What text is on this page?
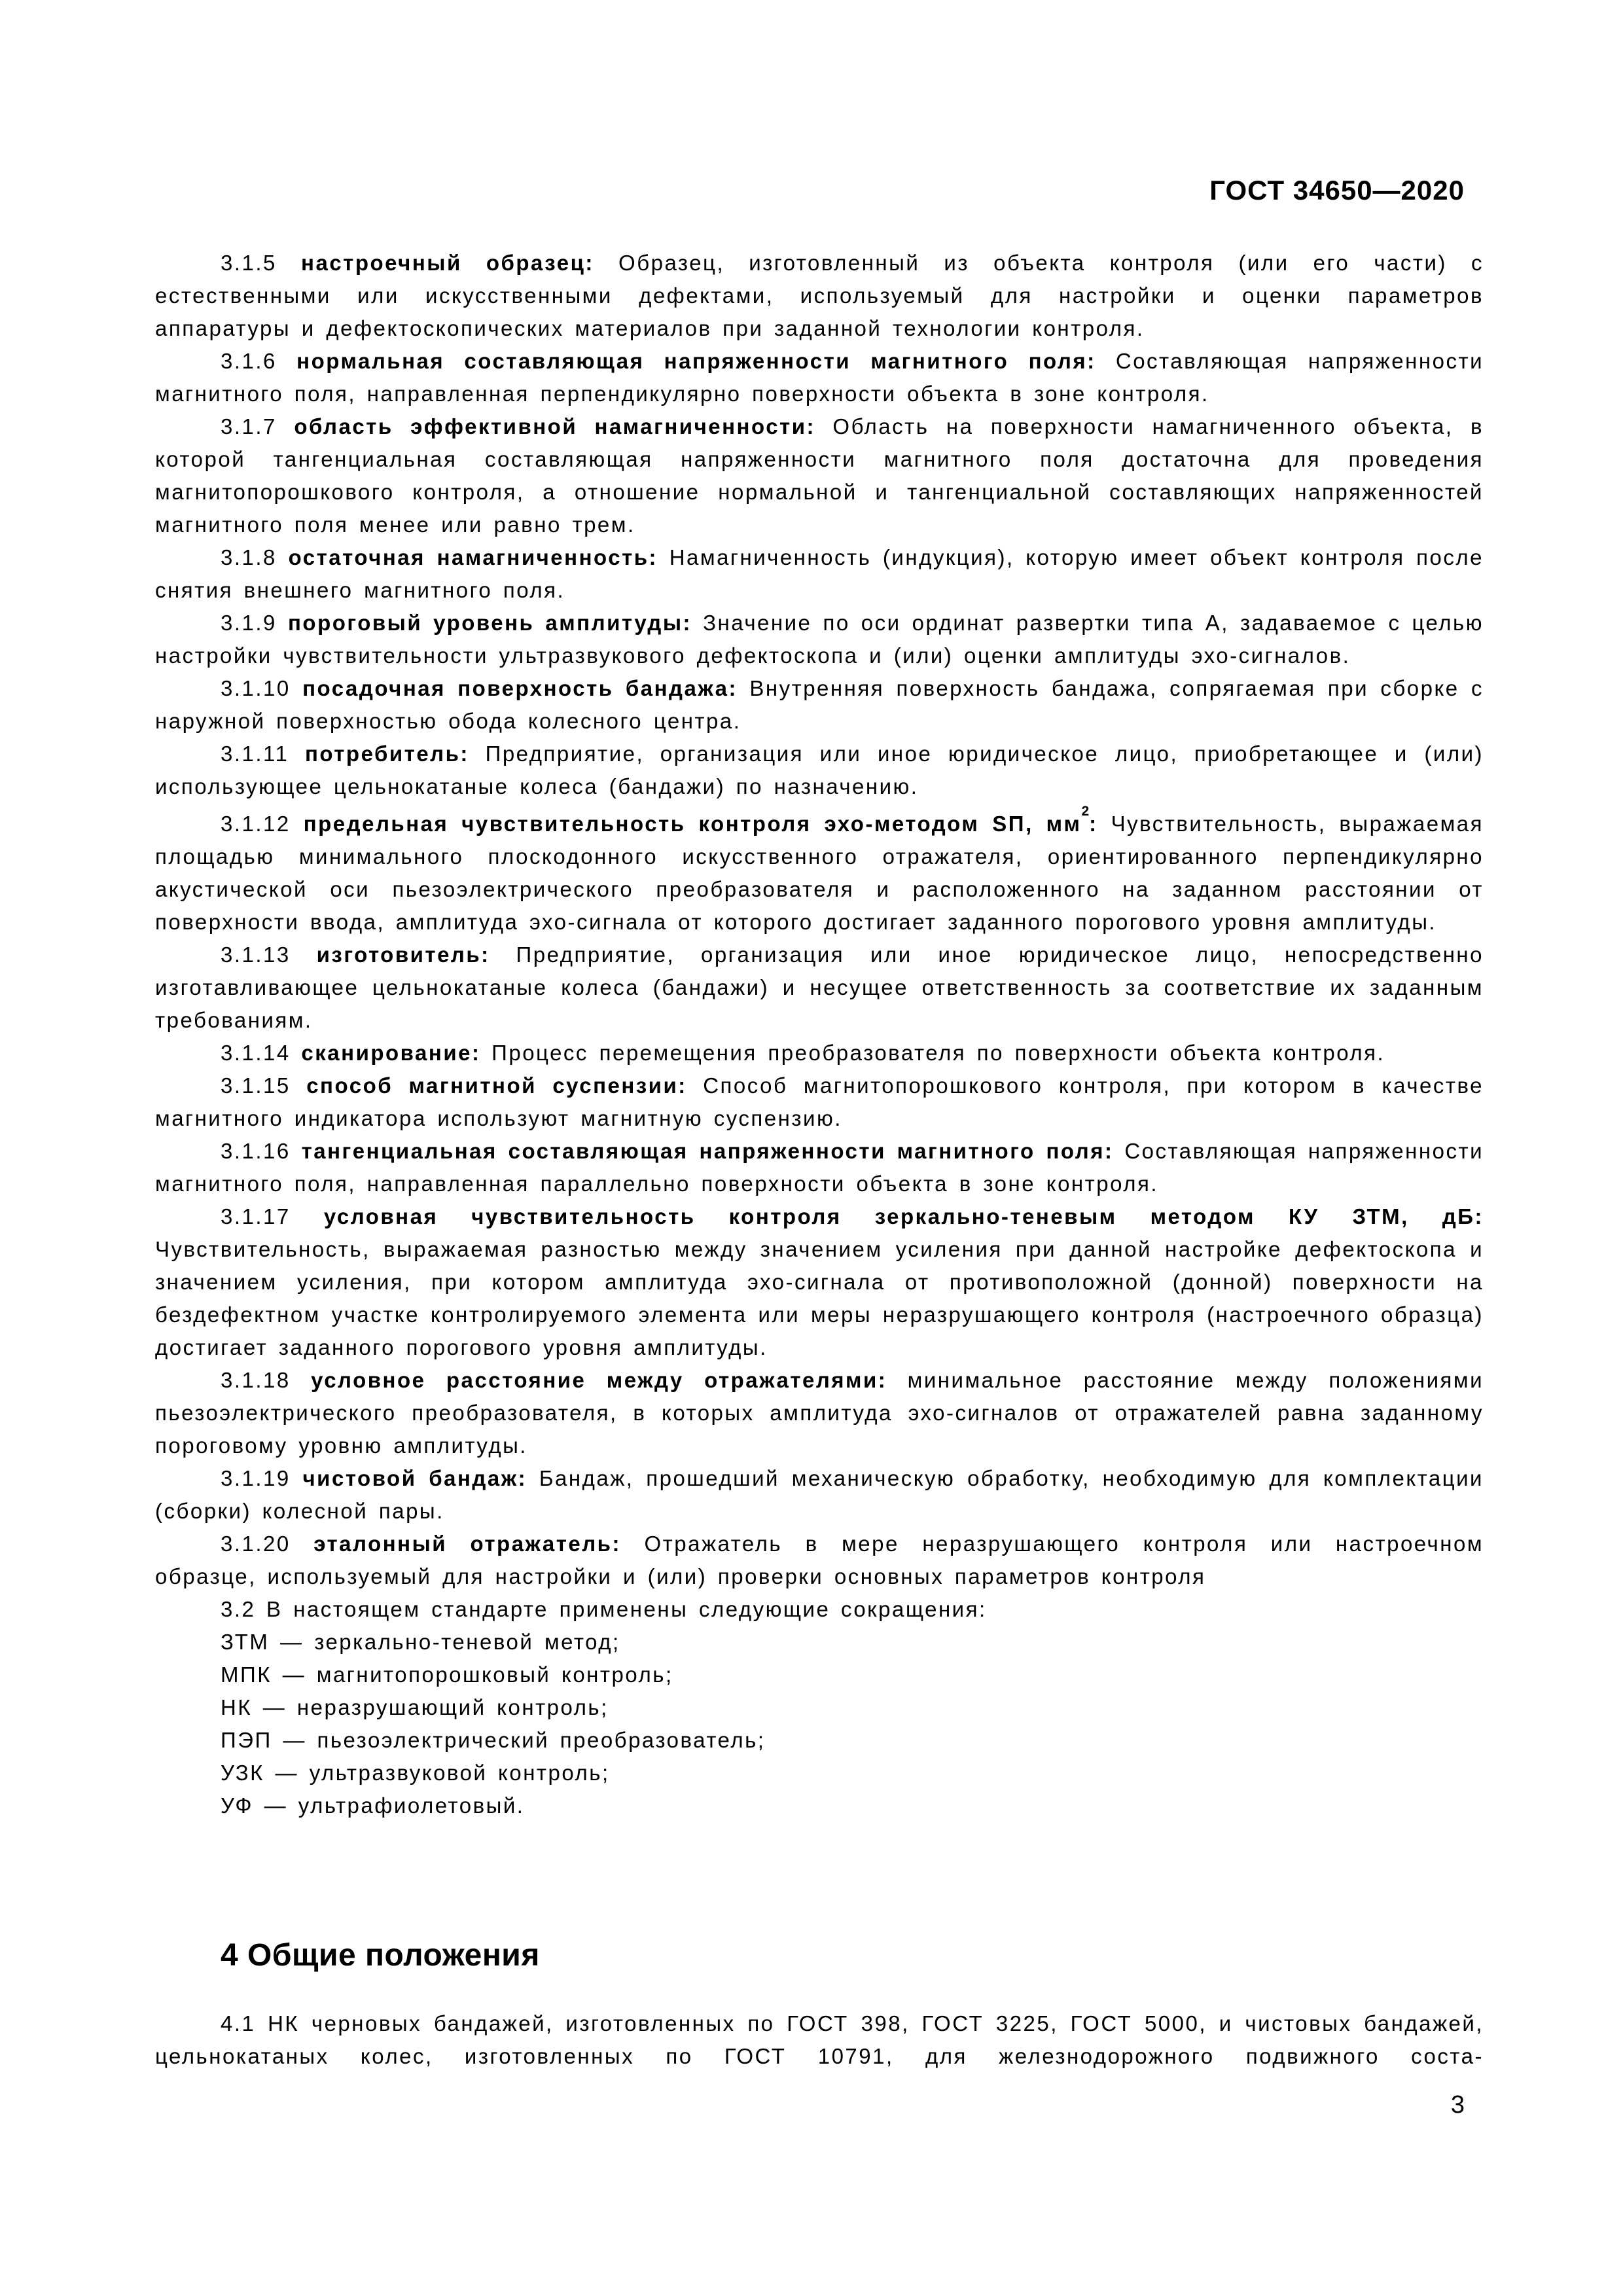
ГОСТ 34650—2020

3.1.5 настроечный образец: Образец, изготовленный из объекта контроля (или его части) с естественными или искусственными дефектами, используемый для настройки и оценки параметров аппаратуры и дефектоскопических материалов при заданной технологии контроля.

3.1.6 нормальная составляющая напряженности магнитного поля: Составляющая напряженности магнитного поля, направленная перпендикулярно поверхности объекта в зоне контроля.

3.1.7 область эффективной намагниченности: Область на поверхности намагниченного объекта, в которой тангенциальная составляющая напряженности магнитного поля достаточна для проведения магнитопорошкового контроля, а отношение нормальной и тангенциальной составляющих напряженностей магнитного поля менее или равно трем.

3.1.8 остаточная намагниченность: Намагниченность (индукция), которую имеет объект контроля после снятия внешнего магнитного поля.

3.1.9 пороговый уровень амплитуды: Значение по оси ординат развертки типа А, задаваемое с целью настройки чувствительности ультразвукового дефектоскопа и (или) оценки амплитуды эхо-сигналов.

3.1.10 посадочная поверхность бандажа: Внутренняя поверхность бандажа, сопрягаемая при сборке с наружной поверхностью обода колесного центра.

3.1.11 потребитель: Предприятие, организация или иное юридическое лицо, приобретающее и (или) использующее цельнокатаные колеса (бандажи) по назначению.

3.1.12 предельная чувствительность контроля эхо-методом SП, $мм^2$: Чувствительность, выражаемая площадью минимального плоскодонного искусственного отражателя, ориентированного перпендикулярно акустической оси пьезоэлектрического преобразователя и расположенного на заданном расстоянии от поверхности ввода, амплитуда эхо-сигнала от которого достигает заданного порогового уровня амплитуды.

3.1.13 изготовитель: Предприятие, организация или иное юридическое лицо, непосредственно изготавливающее цельнокатаные колеса (бандажи) и несущее ответственность за соответствие их заданным требованиям.

3.1.14 сканирование: Процесс перемещения преобразователя по поверхности объекта контроля.

3.1.15 способ магнитной суспензии: Способ магнитопорошкового контроля, при котором в качестве магнитного индикатора используют магнитную суспензию.

3.1.16 тангенциальная составляющая напряженности магнитного поля: Составляющая напряженности магнитного поля, направленная параллельно поверхности объекта в зоне контроля.

3.1.17 условная чувствительность контроля зеркально-теневым методом КУ ЗТМ, дБ: Чувствительность, выражаемая разностью между значением усиления при данной настройке дефектоскопа и значением усиления, при котором амплитуда эхо-сигнала от противоположной (донной) поверхности на бездефектном участке контролируемого элемента или меры неразрушающего контроля (настроечного образца) достигает заданного порогового уровня амплитуды.

3.1.18 условное расстояние между отражателями: минимальное расстояние между положениями пьезоэлектрического преобразователя, в которых амплитуда эхо-сигналов от отражателей равна заданному пороговому уровню амплитуды.

3.1.19 чистовой бандаж: Бандаж, прошедший механическую обработку, необходимую для комплектации (сборки) колесной пары.

3.1.20 эталонный отражатель: Отражатель в мере неразрушающего контроля или настроечном образце, используемый для настройки и (или) проверки основных параметров контроля

3.2 В настоящем стандарте применены следующие сокращения:

ЗТМ — зеркально-теневой метод;

МПК — магнитопорошковый контроль;

НК — неразрушающий контроль;

ПЭП — пьезоэлектрический преобразователь;

УЗК — ультразвуковой контроль;

УФ — ультрафиолетовый.

4 Общие положения

4.1 НК черновых бандажей, изготовленных по ГОСТ 398, ГОСТ 3225, ГОСТ 5000, и чистовых бандажей, цельнокатаных колес, изготовленных по ГОСТ 10791, для железнодорожного подвижного соста-

3
